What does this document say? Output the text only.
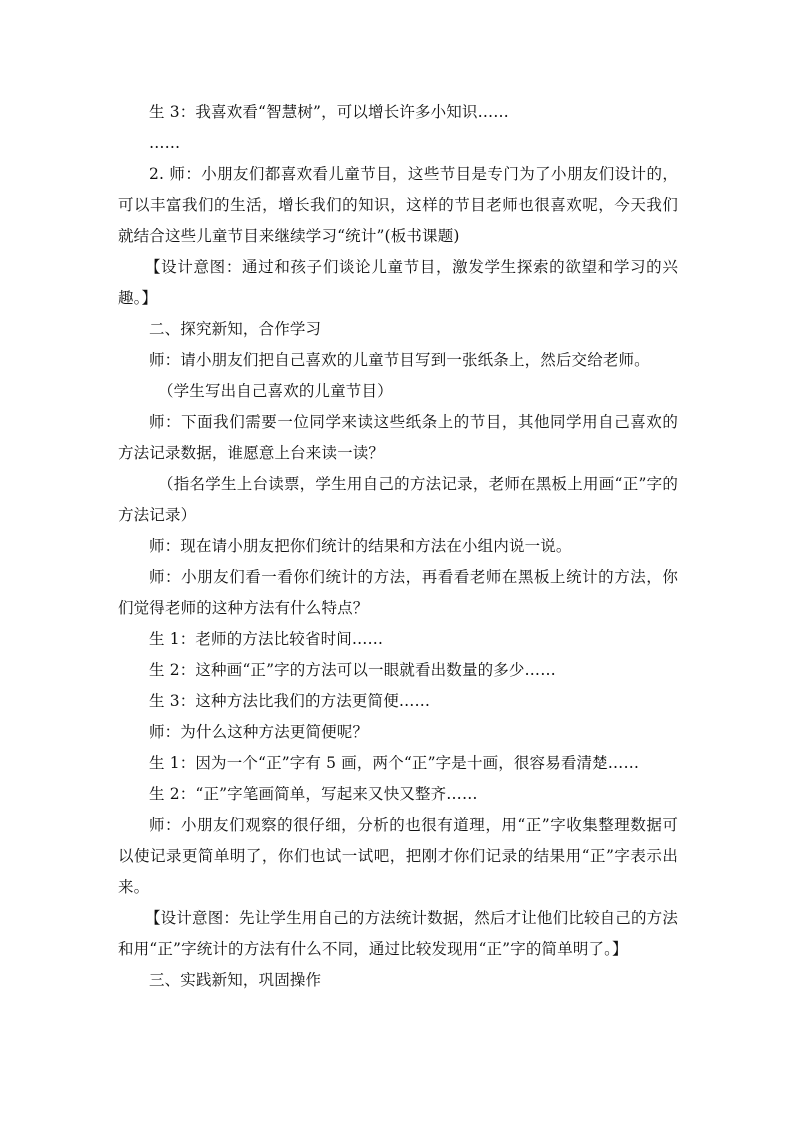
生 3：我喜欢看“智慧树”，可以增长许多小知识……

……

2. 师：小朋友们都喜欢看儿童节目，这些节目是专门为了小朋友们设计的，可以丰富我们的生活，增长我们的知识，这样的节目老师也很喜欢呢，今天我们就结合这些儿童节目来继续学习“统计”(板书课题)

【设计意图：通过和孩子们谈论儿童节目，激发学生探索的欲望和学习的兴趣。】

二、探究新知，合作学习

师：请小朋友们把自己喜欢的儿童节目写到一张纸条上，然后交给老师。

（学生写出自己喜欢的儿童节目）

师：下面我们需要一位同学来读这些纸条上的节目，其他同学用自己喜欢的方法记录数据，谁愿意上台来读一读？

（指名学生上台读票，学生用自己的方法记录，老师在黑板上用画“正”字的方法记录）

师：现在请小朋友把你们统计的结果和方法在小组内说一说。

师：小朋友们看一看你们统计的方法，再看看老师在黑板上统计的方法，你们觉得老师的这种方法有什么特点？

生 1：老师的方法比较省时间……

生 2：这种画“正”字的方法可以一眼就看出数量的多少……

生 3：这种方法比我们的方法更简便……

师：为什么这种方法更简便呢？

生 1：因为一个“正”字有 5 画，两个“正”字是十画，很容易看清楚……

生 2：“正”字笔画简单，写起来又快又整齐……

师：小朋友们观察的很仔细，分析的也很有道理，用“正”字收集整理数据可以使记录更简单明了，你们也试一试吧，把刚才你们记录的结果用“正”字表示出来。

【设计意图：先让学生用自己的方法统计数据，然后才让他们比较自己的方法和用“正”字统计的方法有什么不同，通过比较发现用“正”字的简单明了。】

三、实践新知，巩固操作
